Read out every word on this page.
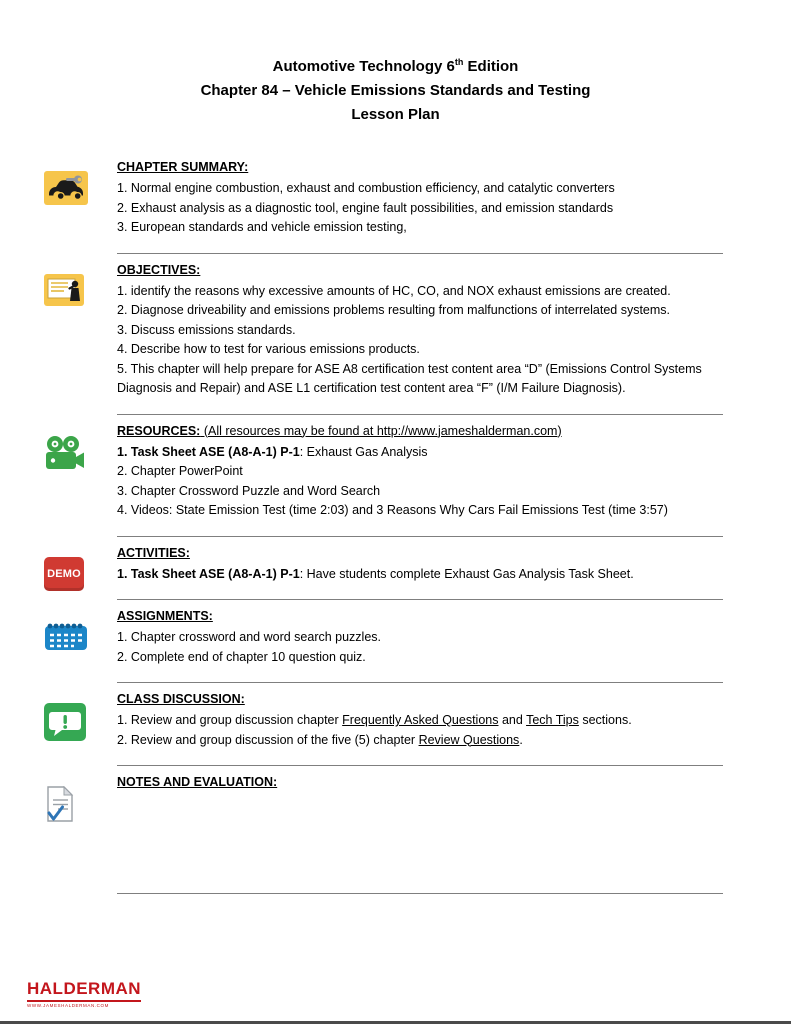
Automotive Technology 6th Edition
Chapter 84 – Vehicle Emissions Standards and Testing
Lesson Plan
CHAPTER SUMMARY:

1. Normal engine combustion, exhaust and combustion efficiency, and catalytic converters

2. Exhaust analysis as a diagnostic tool, engine fault possibilities, and emission standards

3. European standards and vehicle emission testing,

OBJECTIVES:

1. identify the reasons why excessive amounts of HC, CO, and NOX exhaust emissions are created.

2. Diagnose driveability and emissions problems resulting from malfunctions of interrelated systems.

3. Discuss emissions standards.

4. Describe how to test for various emissions products.

5. This chapter will help prepare for ASE A8 certification test content area “D” (Emissions Control Systems Diagnosis and Repair) and ASE L1 certification test content area “F” (I/M Failure Diagnosis).

RESOURCES: (All resources may be found at http://www.jameshalderman.com)

1. Task Sheet ASE (A8-A-1) P-1: Exhaust Gas Analysis

2. Chapter PowerPoint

3. Chapter Crossword Puzzle and Word Search

4. Videos: State Emission Test (time 2:03) and 3 Reasons Why Cars Fail Emissions Test (time 3:57)

DEMO
ACTIVITIES:

1. Task Sheet ASE (A8-A-1) P-1: Have students complete Exhaust Gas Analysis Task Sheet.

ASSIGNMENTS:

1. Chapter crossword and word search puzzles.

2. Complete end of chapter 10 question quiz.

CLASS DISCUSSION:

1. Review and group discussion chapter Frequently Asked Questions and Tech Tips sections.

2. Review and group discussion of the five (5) chapter Review Questions.

NOTES AND EVALUATION:
HALDERMAN
WWW.JAMESHALDERMAN.COM
